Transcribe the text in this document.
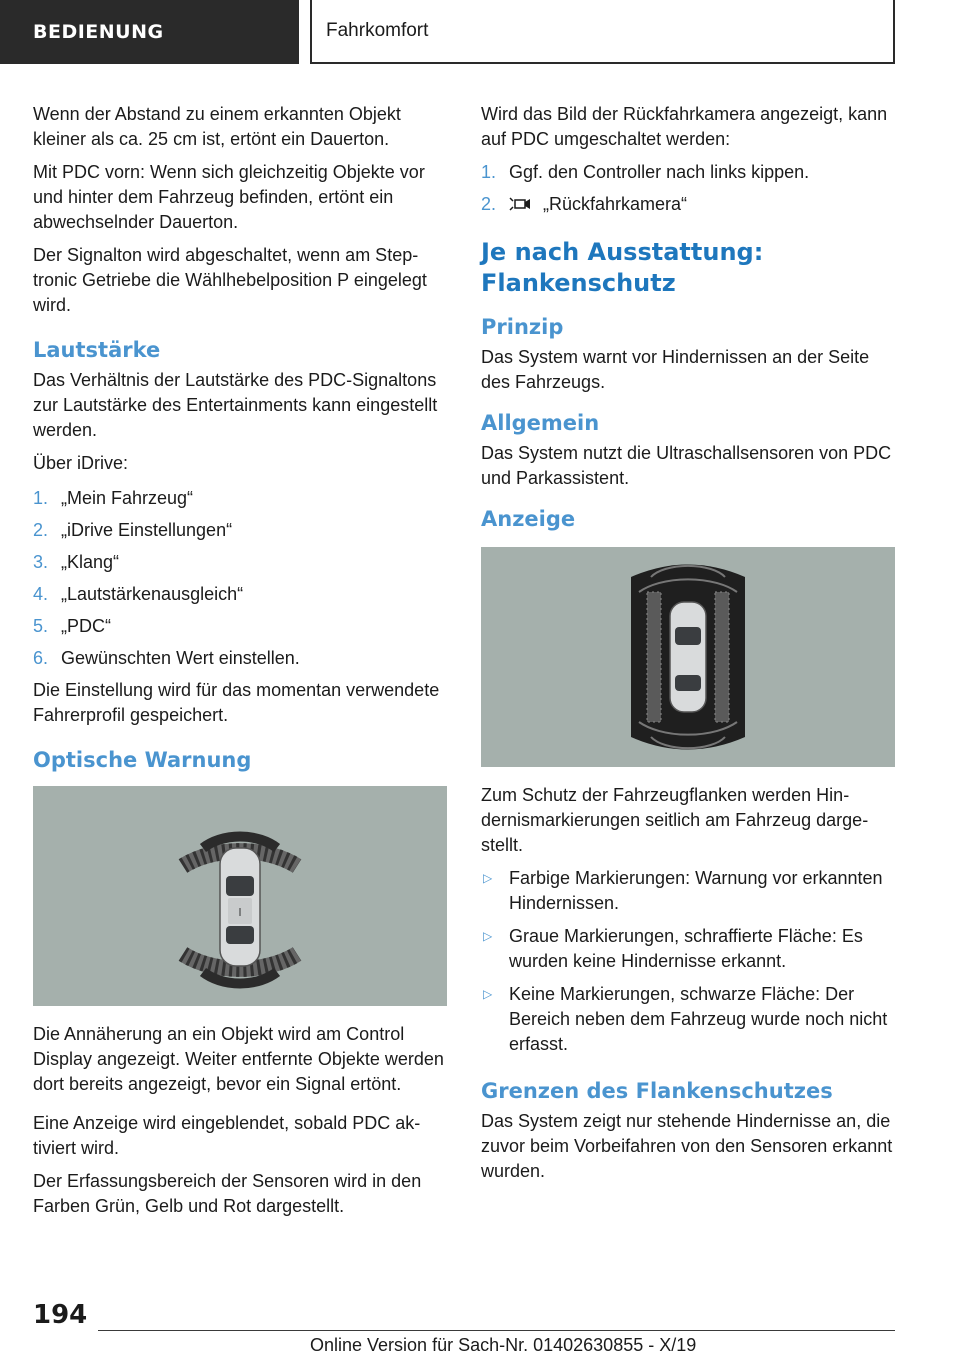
BEDIENUNG	Fahrkomfort

Wenn der Abstand zu einem erkannten Objekt kleiner als ca. 25 cm ist, ertönt ein Dauerton.

Mit PDC vorn: Wenn sich gleichzeitig Objekte vor und hinter dem Fahrzeug befinden, ertönt ein abwechselnder Dauerton.

Der Signalton wird abgeschaltet, wenn am Steptronic Getriebe die Wählhebelposition P eingelegt wird.

Lautstärke

Das Verhältnis der Lautstärke des PDC-Signaltons zur Lautstärke des Entertainments kann eingestellt werden.

Über iDrive:

1. „Mein Fahrzeug“
2. „iDrive Einstellungen“
3. „Klang“
4. „Lautstärkenausgleich“
5. „PDC“
6. Gewünschten Wert einstellen.

Die Einstellung wird für das momentan verwendete Fahrerprofil gespeichert.

Optische Warnung

Die Annäherung an ein Objekt wird am Control Display angezeigt. Weiter entfernte Objekte werden dort bereits angezeigt, bevor ein Signal ertönt.

Eine Anzeige wird eingeblendet, sobald PDC aktiviert wird.

Der Erfassungsbereich der Sensoren wird in den Farben Grün, Gelb und Rot dargestellt.

Wird das Bild der Rückfahrkamera angezeigt, kann auf PDC umgeschaltet werden:

1. Ggf. den Controller nach links kippen.
2.	„Rückfahrkamera“
Je nach Ausstattung: Flankenschutz
Prinzip

Das System warnt vor Hindernissen an der Seite des Fahrzeugs.

Allgemein

Das System nutzt die Ultraschallsensoren von PDC und Parkassistent.

Anzeige

Zum Schutz der Fahrzeugflanken werden Hindernismarkierungen seitlich am Fahrzeug dargestellt.

▷ Farbige Markierungen: Warnung vor erkannten Hindernissen.
▷ Graue Markierungen, schraffierte Fläche: Es wurden keine Hindernisse erkannt.
▷ Keine Markierungen, schwarze Fläche: Der Bereich neben dem Fahrzeug wurde noch nicht erfasst.
Grenzen des Flankenschutzes

Das System zeigt nur stehende Hindernisse an, die zuvor beim Vorbeifahren von den Sensoren erkannt wurden.

194
Online Version für Sach-Nr. 01402630855 - X/19
